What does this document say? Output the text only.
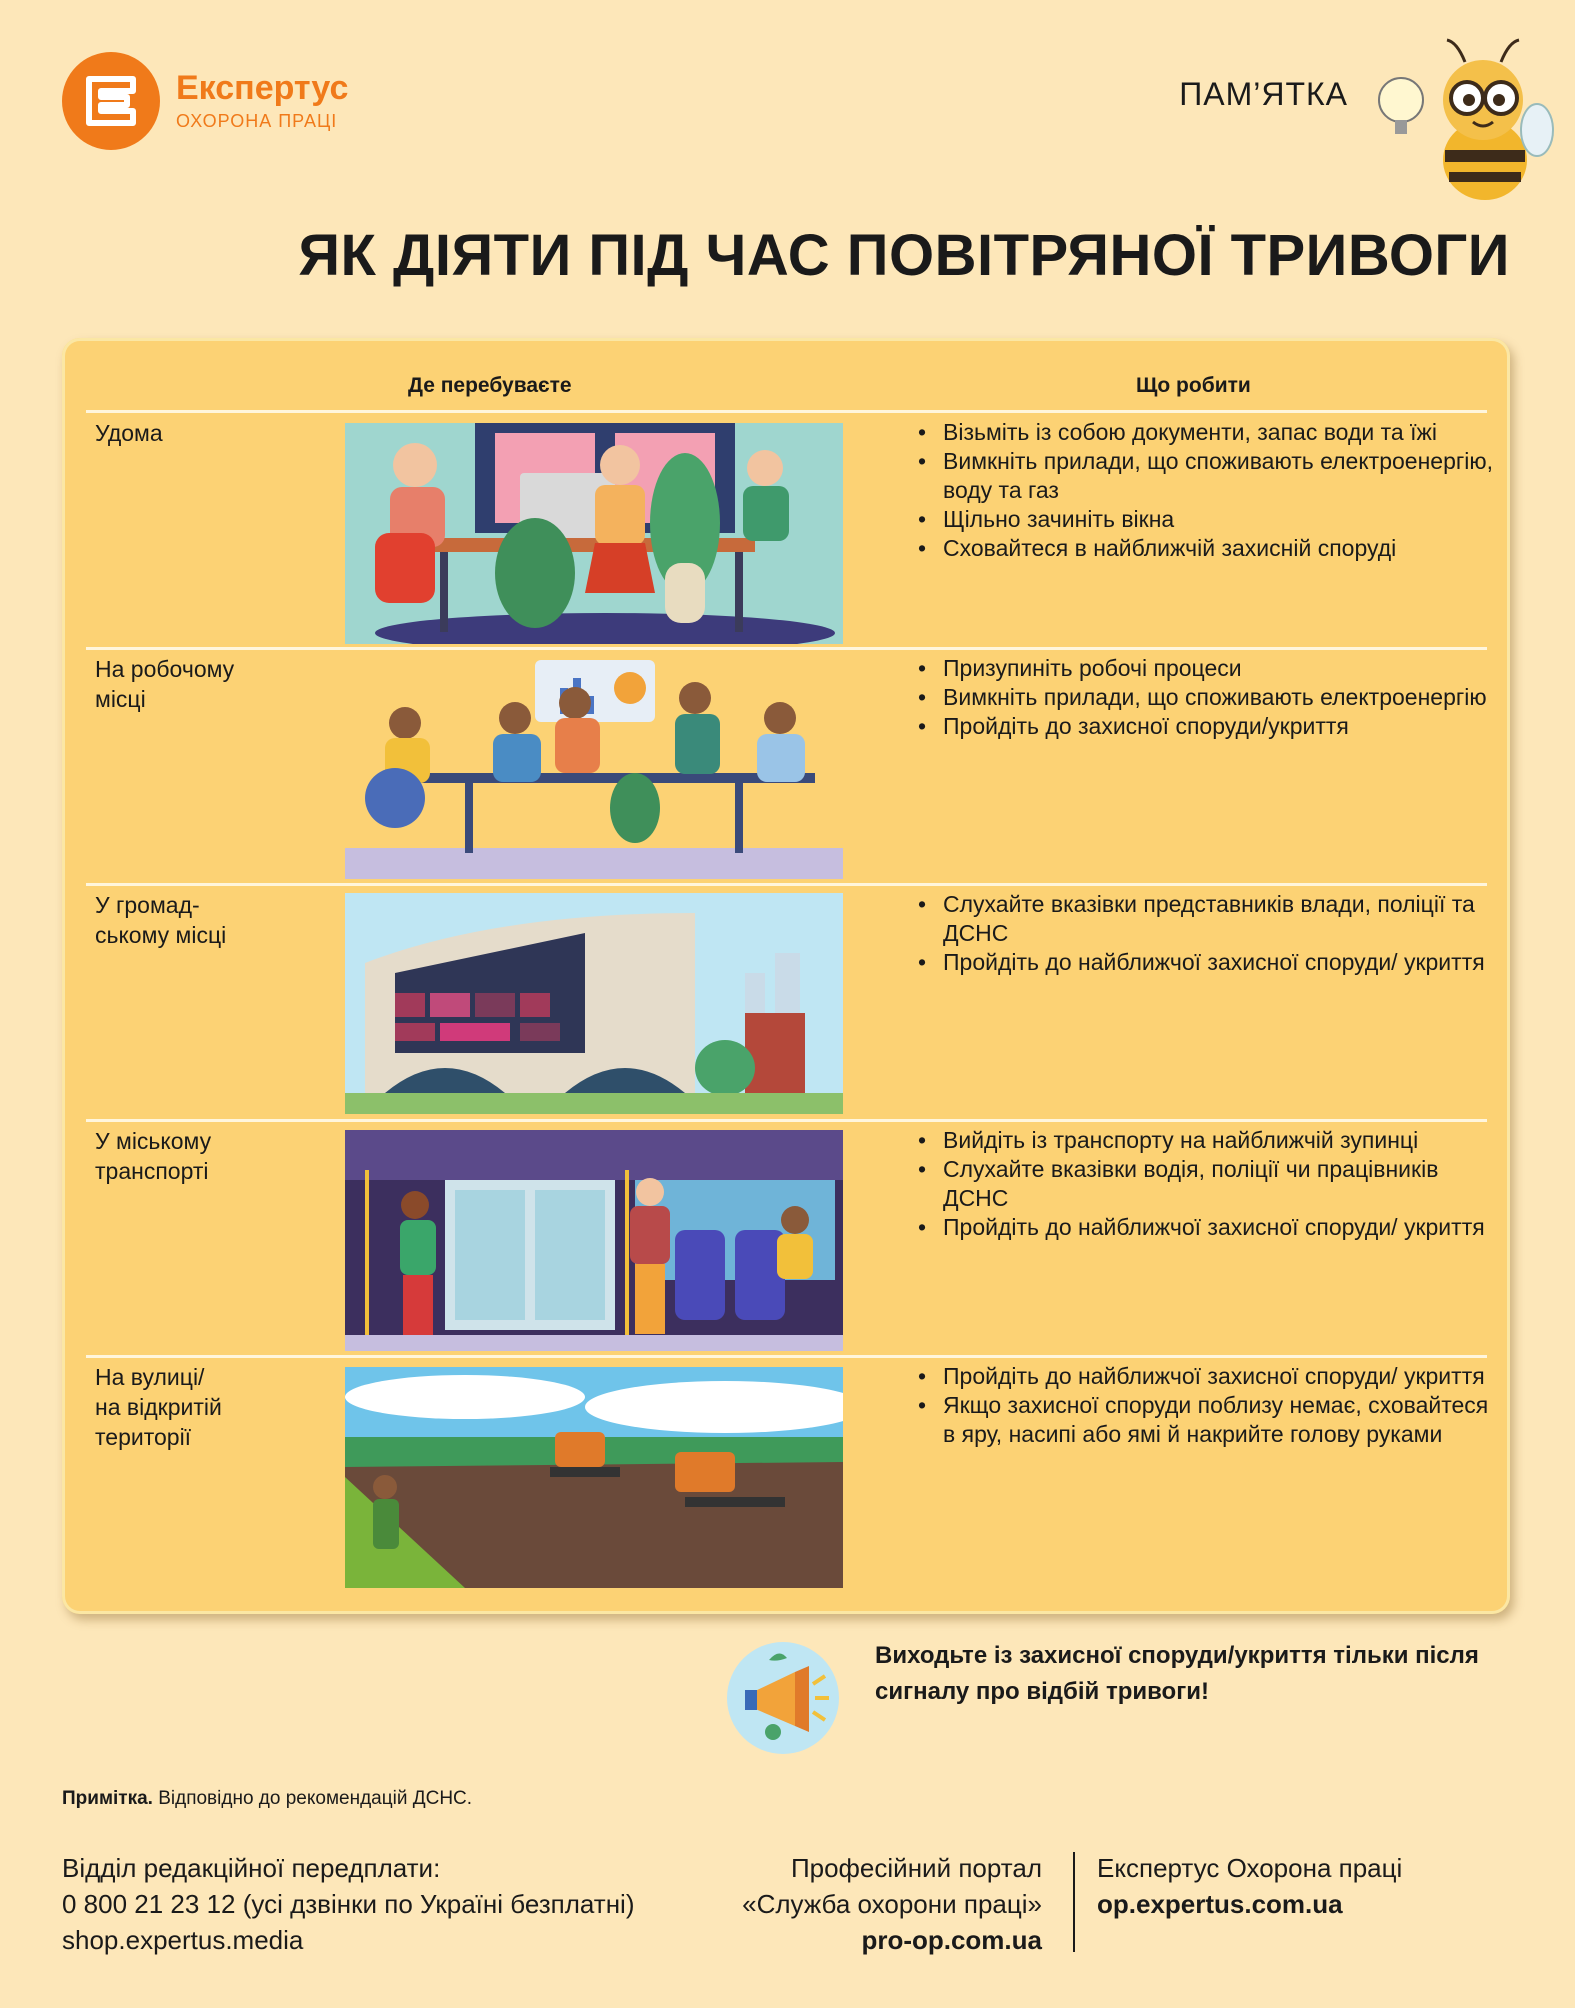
Експертус
ОХОРОНА ПРАЦІ
ПАМ’ЯТКА
ЯК ДІЯТИ ПІД ЧАС ПОВІТРЯНОЇ ТРИВОГИ
Де перебуваєте	Що робити
Удома
•	Візьміть із собою документи, запас води та їжі
• Вимкніть прилади, що споживають електроенергію, воду та газ
• Щільно зачиніть вікна
• Сховайтеся в найближчій захисній споруді
На робочому
місці
• Призупиніть робочі процеси
• Вимкніть прилади, що споживають електроенергію
• Пройдіть до захисної споруди/укриття
У громад-
ському місці
• Слухайте вказівки представників влади, поліції та ДСНС
• Пройдіть до найближчої захисної споруди/ укриття
У міському
транспорті
• Вийдіть із транспорту на найближчій зупинці
• Слухайте вказівки водія, поліції чи працівників ДСНС
• Пройдіть до найближчої захисної споруди/ укриття
На вулиці/
на відкритій
території
• Пройдіть до найближчої захисної споруди/ укриття
• Якщо захисної споруди поблизу немає, сховайтеся в яру, насипі або ямі й накрийте голову руками
Виходьте із захисної споруди/укриття тільки після сигналу про відбій тривоги!
Примітка. Відповідно до рекомендацій ДСНС.
Відділ редакційної передплати:
0 800 21 23 12 (усі дзвінки по Україні безплатні)
shop.expertus.media
Професійний портал
«Служба охорони праці»
pro-op.com.ua
Експертус Охорона праці
op.expertus.com.ua
